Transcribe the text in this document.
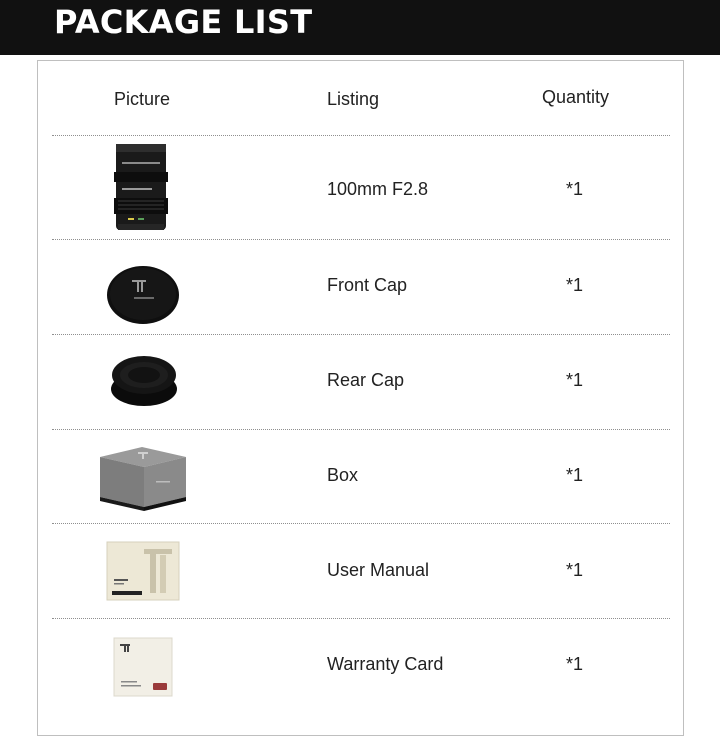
PACKAGE LIST
Picture	Listing	Quantity
100mm F2.8	*1
Front Cap	*1
Rear Cap	*1
Box	*1
User Manual	*1
Warranty Card	*1
